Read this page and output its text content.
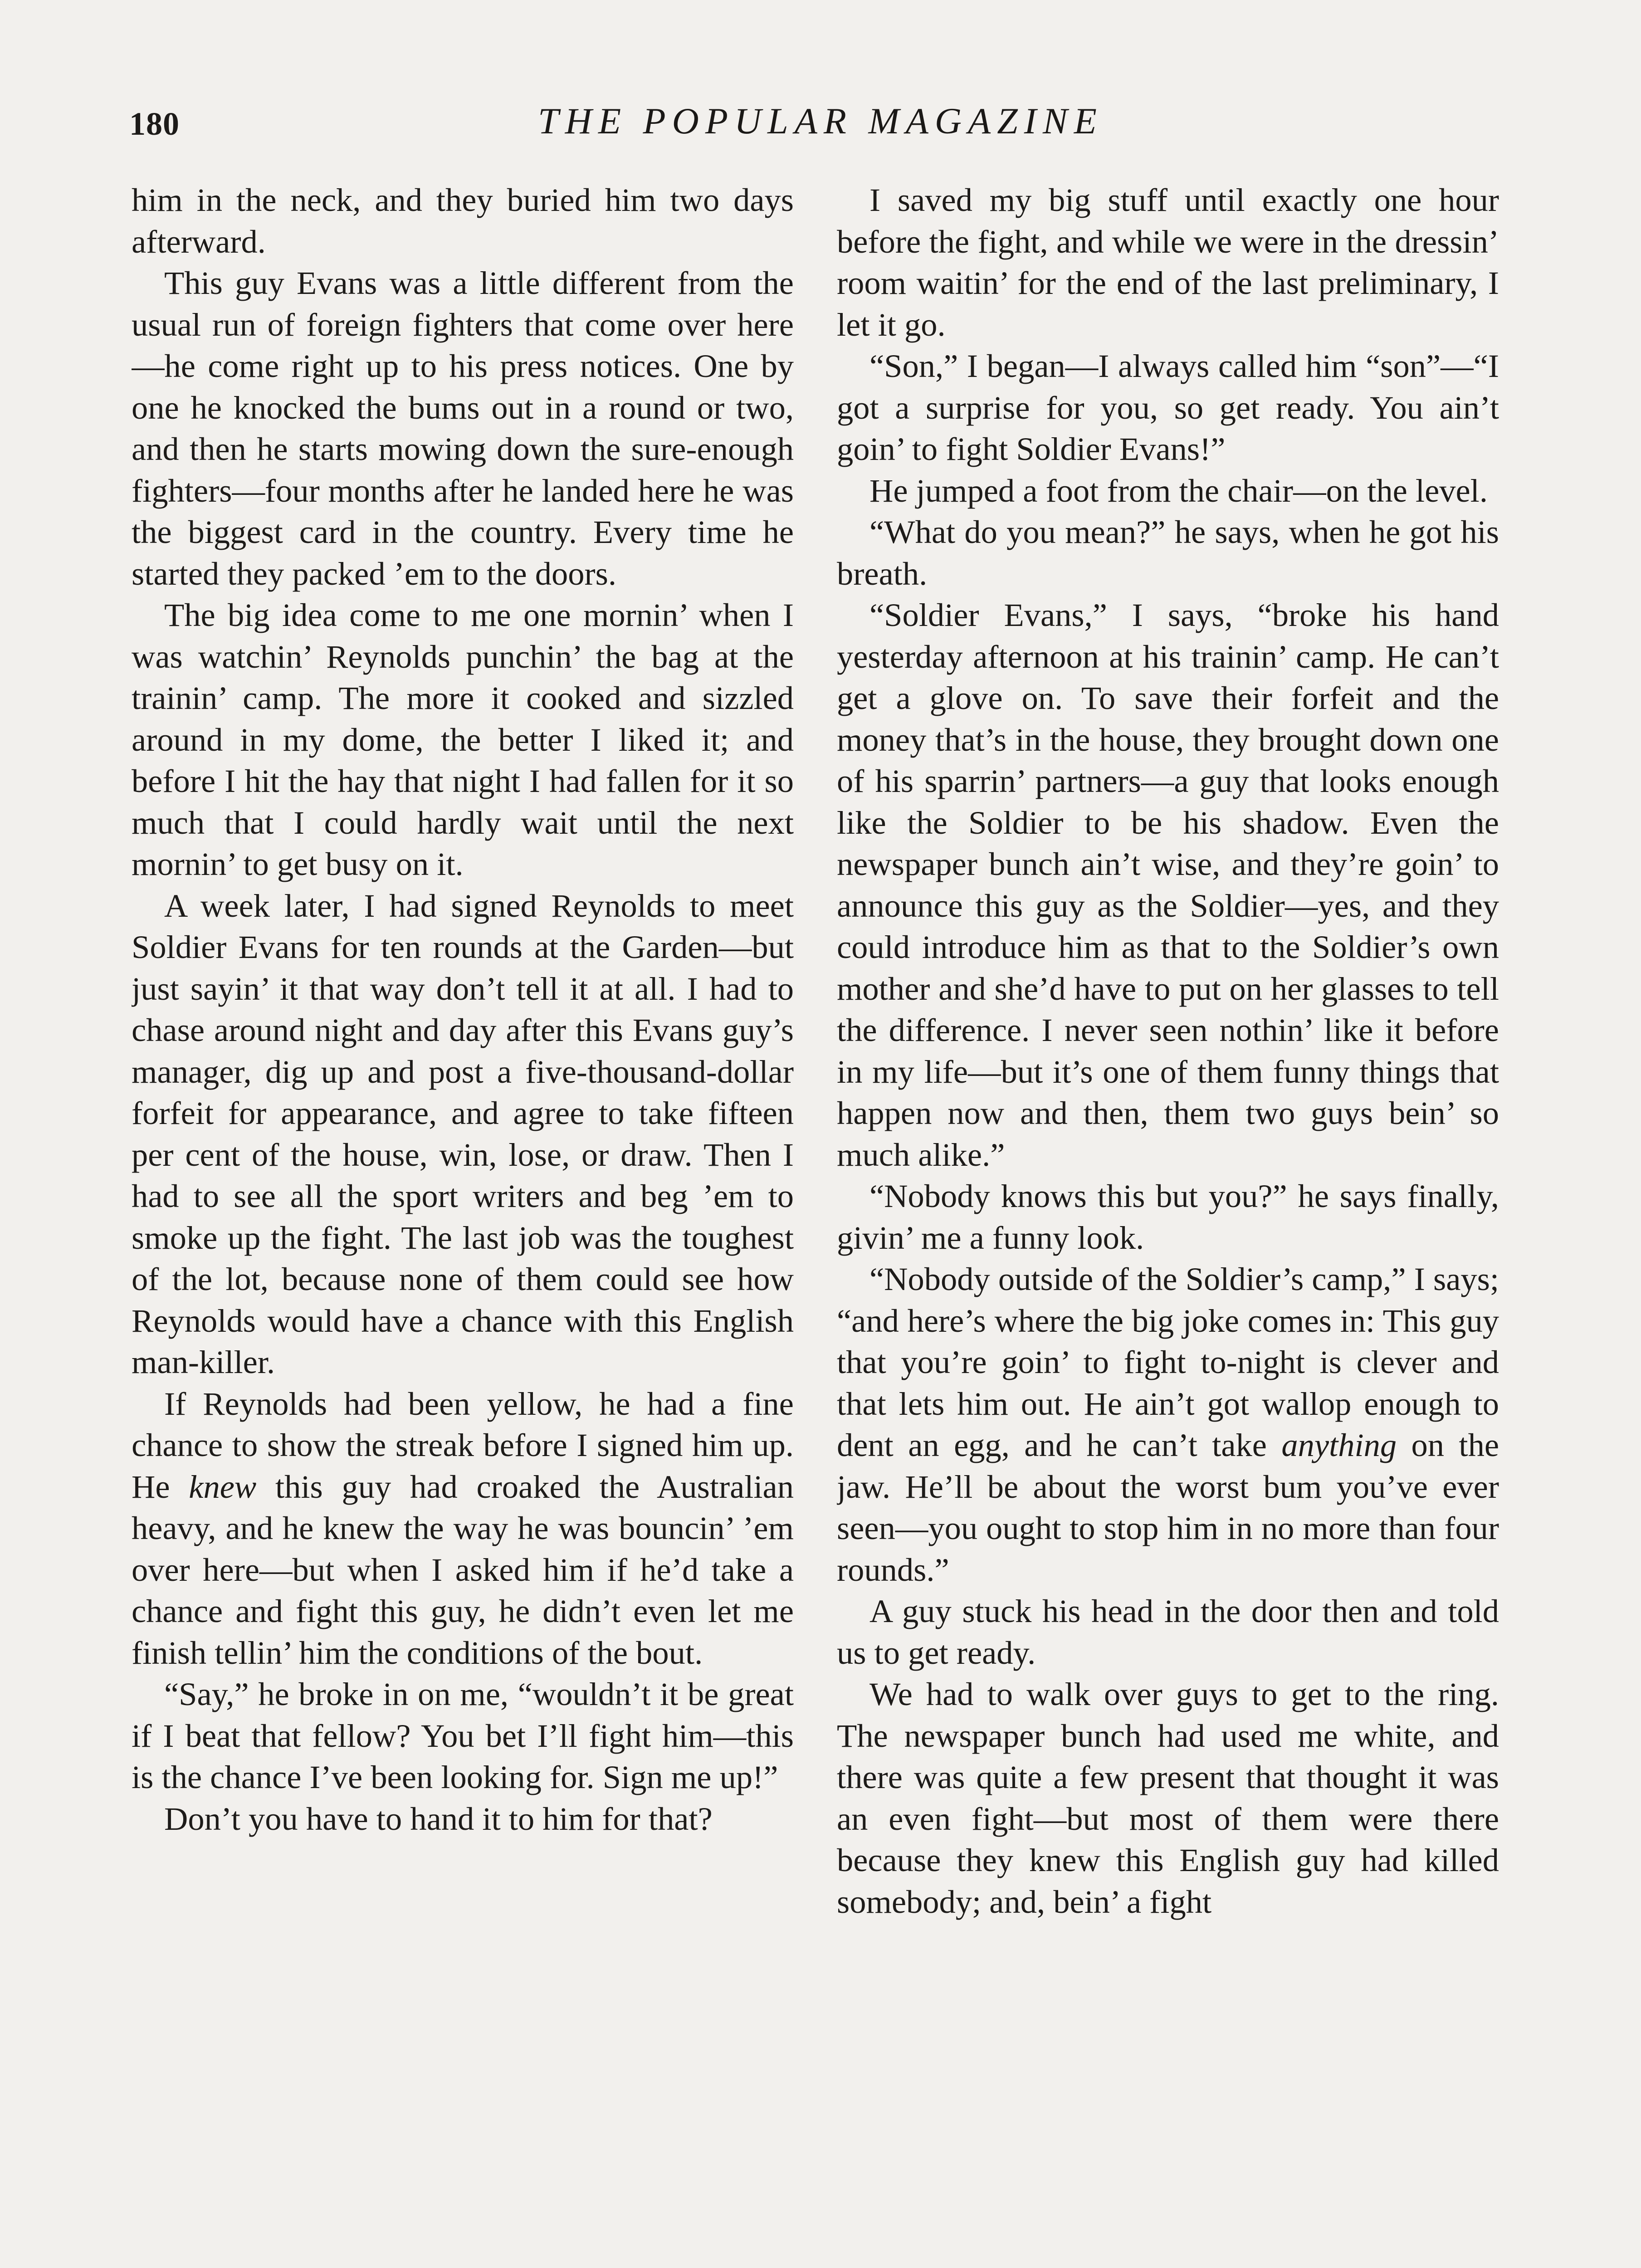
180	THE POPULAR MAGAZINE

him in the neck, and they buried him two days afterward.

This guy Evans was a little different from the usual run of foreign fighters that come over here—he come right up to his press notices. One by one he knocked the bums out in a round or two, and then he starts mowing down the sure-enough fighters—four months after he landed here he was the biggest card in the country. Every time he started they packed ’em to the doors.

The big idea come to me one mornin’ when I was watchin’ Reynolds punchin’ the bag at the trainin’ camp. The more it cooked and sizzled around in my dome, the better I liked it; and before I hit the hay that night I had fallen for it so much that I could hardly wait until the next mornin’ to get busy on it.

A week later, I had signed Reynolds to meet Soldier Evans for ten rounds at the Garden—but just sayin’ it that way don’t tell it at all. I had to chase around night and day after this Evans guy’s manager, dig up and post a five-thousand-dollar forfeit for appearance, and agree to take fifteen per cent of the house, win, lose, or draw. Then I had to see all the sport writers and beg ’em to smoke up the fight. The last job was the toughest of the lot, because none of them could see how Reynolds would have a chance with this English man-killer.

If Reynolds had been yellow, he had a fine chance to show the streak before I signed him up. He knew this guy had croaked the Australian heavy, and he knew the way he was bouncin’ ’em over here—but when I asked him if he’d take a chance and fight this guy, he didn’t even let me finish tellin’ him the conditions of the bout.

“Say,” he broke in on me, “wouldn’t it be great if I beat that fellow? You bet I’ll fight him—this is the chance I’ve been looking for. Sign me up!”

Don’t you have to hand it to him for that?

I saved my big stuff until exactly one hour before the fight, and while we were in the dressin’ room waitin’ for the end of the last preliminary, I let it go.

“Son,” I began—I always called him “son”—“I got a surprise for you, so get ready. You ain’t goin’ to fight Soldier Evans!”

He jumped a foot from the chair—on the level.

“What do you mean?” he says, when he got his breath.

“Soldier Evans,” I says, “broke his hand yesterday afternoon at his trainin’ camp. He can’t get a glove on. To save their forfeit and the money that’s in the house, they brought down one of his sparrin’ partners—a guy that looks enough like the Soldier to be his shadow. Even the newspaper bunch ain’t wise, and they’re goin’ to announce this guy as the Soldier—yes, and they could introduce him as that to the Soldier’s own mother and she’d have to put on her glasses to tell the difference. I never seen nothin’ like it before in my life—but it’s one of them funny things that happen now and then, them two guys bein’ so much alike.”

“Nobody knows this but you?” he says finally, givin’ me a funny look.

“Nobody outside of the Soldier’s camp,” I says; “and here’s where the big joke comes in: This guy that you’re goin’ to fight to-night is clever and that lets him out. He ain’t got wallop enough to dent an egg, and he can’t take anything on the jaw. He’ll be about the worst bum you’ve ever seen—you ought to stop him in no more than four rounds.”

A guy stuck his head in the door then and told us to get ready.

We had to walk over guys to get to the ring. The newspaper bunch had used me white, and there was quite a few present that thought it was an even fight—but most of them were there because they knew this English guy had killed somebody; and, bein’ a fight
